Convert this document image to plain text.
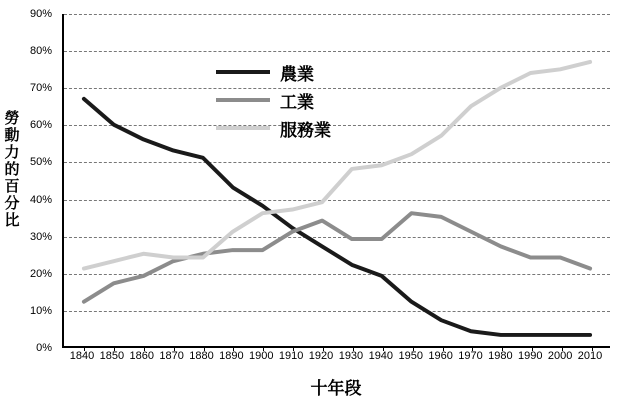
勞
動
力
的
百
分
比
0%
10%
20%
30%
40%
50%
60%
70%
80%
90%
1840 1850 1860 1870 1880 1890 1900 1910 1920 1930 1940 1950 1960 1970 1980 1990 2000 2010
十年段
農業
工業
服務業
